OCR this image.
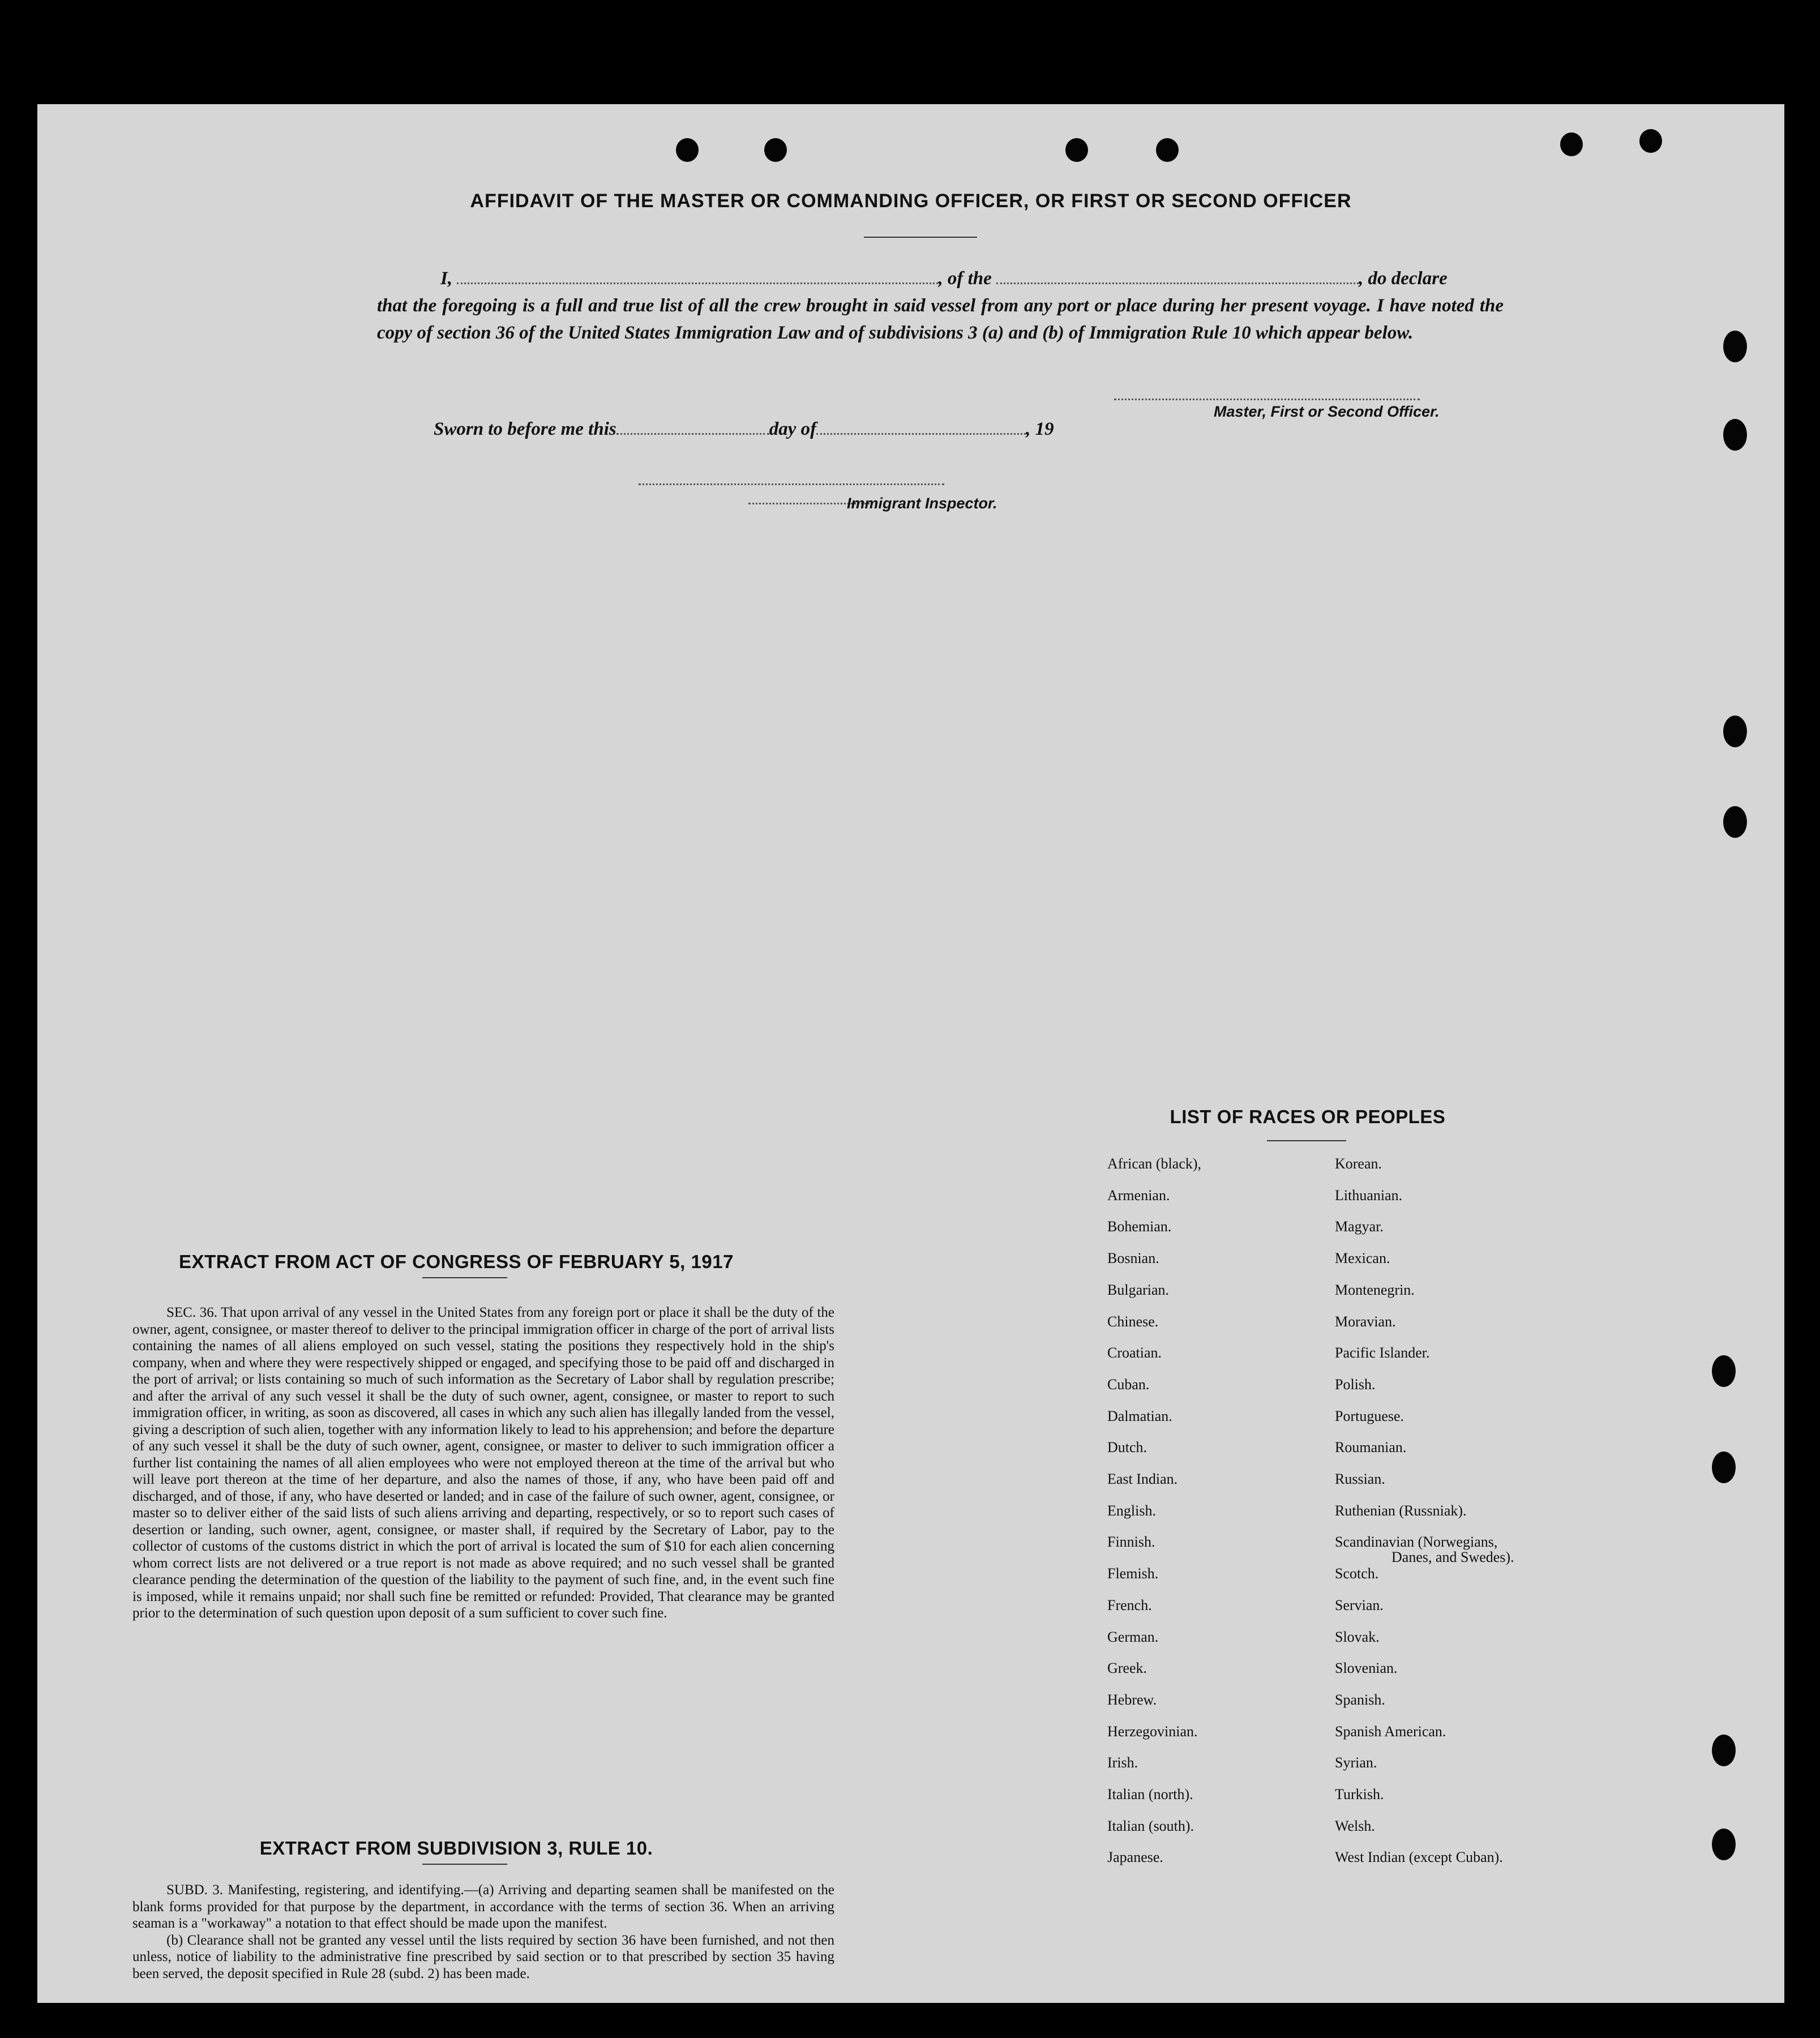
AFFIDAVIT OF THE MASTER OR COMMANDING OFFICER, OR FIRST OR SECOND OFFICER
I,	, of the	, do declare
that the foregoing is a full and true list of all the crew brought in said vessel from any port or place during her present voyage. I have noted the copy of section 36 of the United States Immigration Law and of subdivisions 3 (a) and (b) of Immigration Rule 10 which appear below.
Master, First or Second Officer.
Sworn to before me this	day of	, 19
Immigrant Inspector.
EXTRACT FROM ACT OF CONGRESS OF FEBRUARY 5, 1917

SEC. 36. That upon arrival of any vessel in the United States from any foreign port or place it shall be the duty of the owner, agent, consignee, or master thereof to deliver to the principal immigration officer in charge of the port of arrival lists containing the names of all aliens employed on such vessel, stating the positions they respectively hold in the ship's company, when and where they were respectively shipped or engaged, and specifying those to be paid off and discharged in the port of arrival; or lists containing so much of such information as the Secretary of Labor shall by regulation prescribe; and after the arrival of any such vessel it shall be the duty of such owner, agent, consignee, or master to report to such immigration officer, in writing, as soon as discovered, all cases in which any such alien has illegally landed from the vessel, giving a description of such alien, together with any information likely to lead to his apprehension; and before the departure of any such vessel it shall be the duty of such owner, agent, consignee, or master to deliver to such immigration officer a further list containing the names of all alien employees who were not employed thereon at the time of the arrival but who will leave port thereon at the time of her departure, and also the names of those, if any, who have been paid off and discharged, and of those, if any, who have deserted or landed; and in case of the failure of such owner, agent, consignee, or master so to deliver either of the said lists of such aliens arriving and departing, respectively, or so to report such cases of desertion or landing, such owner, agent, consignee, or master shall, if required by the Secretary of Labor, pay to the collector of customs of the customs district in which the port of arrival is located the sum of $10 for each alien concerning whom correct lists are not delivered or a true report is not made as above required; and no such vessel shall be granted clearance pending the determination of the question of the liability to the payment of such fine, and, in the event such fine is imposed, while it remains unpaid; nor shall such fine be remitted or refunded: Provided, That clearance may be granted prior to the determination of such question upon deposit of a sum sufficient to cover such fine.

EXTRACT FROM SUBDIVISION 3, RULE 10.

SUBD. 3. Manifesting, registering, and identifying.—(a) Arriving and departing seamen shall be manifested on the blank forms provided for that purpose by the department, in accordance with the terms of section 36. When an arriving seaman is a "workaway" a notation to that effect should be made upon the manifest.

(b) Clearance shall not be granted any vessel until the lists required by section 36 have been furnished, and not then unless, notice of liability to the administrative fine prescribed by said section or to that prescribed by section 35 having been served, the deposit specified in Rule 28 (subd. 2) has been made.

LIST OF RACES OR PEOPLES
African (black),
Armenian.
Bohemian.
Bosnian.
Bulgarian.
Chinese.
Croatian.
Cuban.
Dalmatian.
Dutch.
East Indian.
English.
Finnish.
Flemish.
French.
German.
Greek.
Hebrew.
Herzegovinian.
Irish.
Italian (north).
Italian (south).
Japanese.
Korean.
Lithuanian.
Magyar.
Mexican.
Montenegrin.
Moravian.
Pacific Islander.
Polish.
Portuguese.
Roumanian.
Russian.
Ruthenian (Russniak).
Scandinavian (Norwegians,
Danes, and Swedes).
Scotch.
Servian.
Slovak.
Slovenian.
Spanish.
Spanish American.
Syrian.
Turkish.
Welsh.
West Indian (except Cuban).
